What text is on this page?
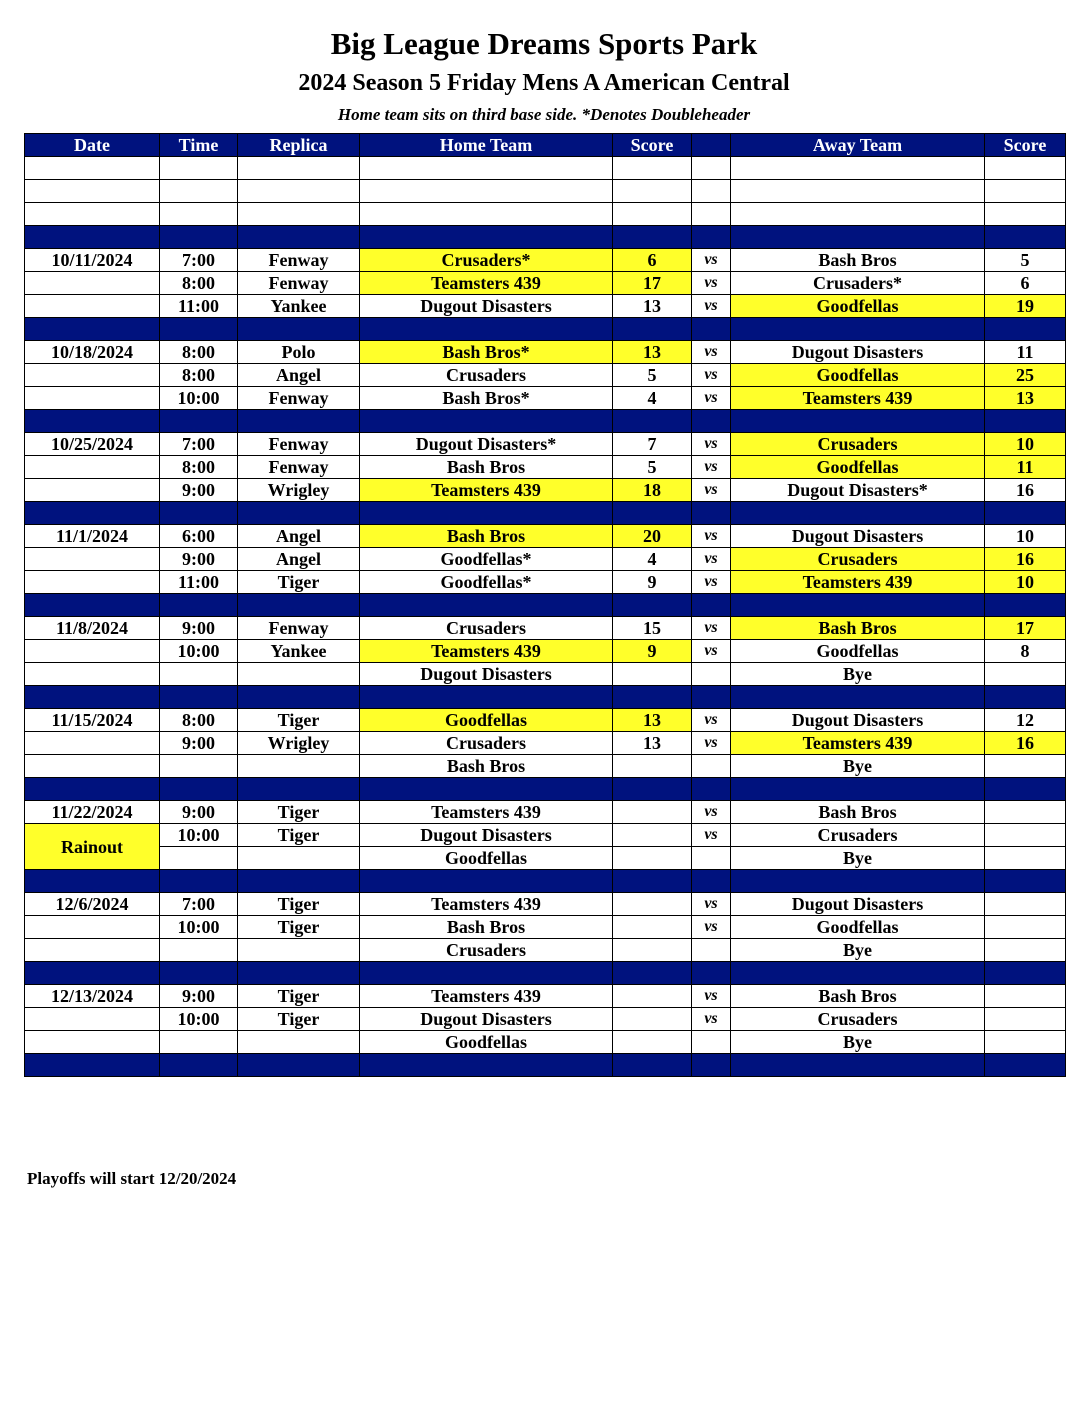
Big League Dreams Sports Park
2024 Season 5 Friday Mens A American Central
Home team sits on third base side. *Denotes Doubleheader
Date	Time	Replica	Home Team	Score		Away Team	Score

10/11/2024	7:00	Fenway	Crusaders*	6	vs	Bash Bros	5
	8:00	Fenway	Teamsters 439	17	vs	Crusaders*	6
	11:00	Yankee	Dugout Disasters	13	vs	Goodfellas	19

10/18/2024	8:00	Polo	Bash Bros*	13	vs	Dugout Disasters	11
	8:00	Angel	Crusaders	5	vs	Goodfellas	25
	10:00	Fenway	Bash Bros*	4	vs	Teamsters 439	13

10/25/2024	7:00	Fenway	Dugout Disasters*	7	vs	Crusaders	10
	8:00	Fenway	Bash Bros	5	vs	Goodfellas	11
	9:00	Wrigley	Teamsters 439	18	vs	Dugout Disasters*	16

11/1/2024	6:00	Angel	Bash Bros	20	vs	Dugout Disasters	10
	9:00	Angel	Goodfellas*	4	vs	Crusaders	16
	11:00	Tiger	Goodfellas*	9	vs	Teamsters 439	10

11/8/2024	9:00	Fenway	Crusaders	15	vs	Bash Bros	17
	10:00	Yankee	Teamsters 439	9	vs	Goodfellas	8
			Dugout Disasters			Bye	

11/15/2024	8:00	Tiger	Goodfellas	13	vs	Dugout Disasters	12
	9:00	Wrigley	Crusaders	13	vs	Teamsters 439	16
			Bash Bros			Bye	

11/22/2024	9:00	Tiger	Teamsters 439		vs	Bash Bros	
Rainout	10:00	Tiger	Dugout Disasters		vs	Crusaders	
			Goodfellas			Bye	

12/6/2024	7:00	Tiger	Teamsters 439		vs	Dugout Disasters	
	10:00	Tiger	Bash Bros		vs	Goodfellas	
			Crusaders			Bye	

12/13/2024	9:00	Tiger	Teamsters 439		vs	Bash Bros	
	10:00	Tiger	Dugout Disasters		vs	Crusaders	
			Goodfellas			Bye	

Playoffs will start 12/20/2024
